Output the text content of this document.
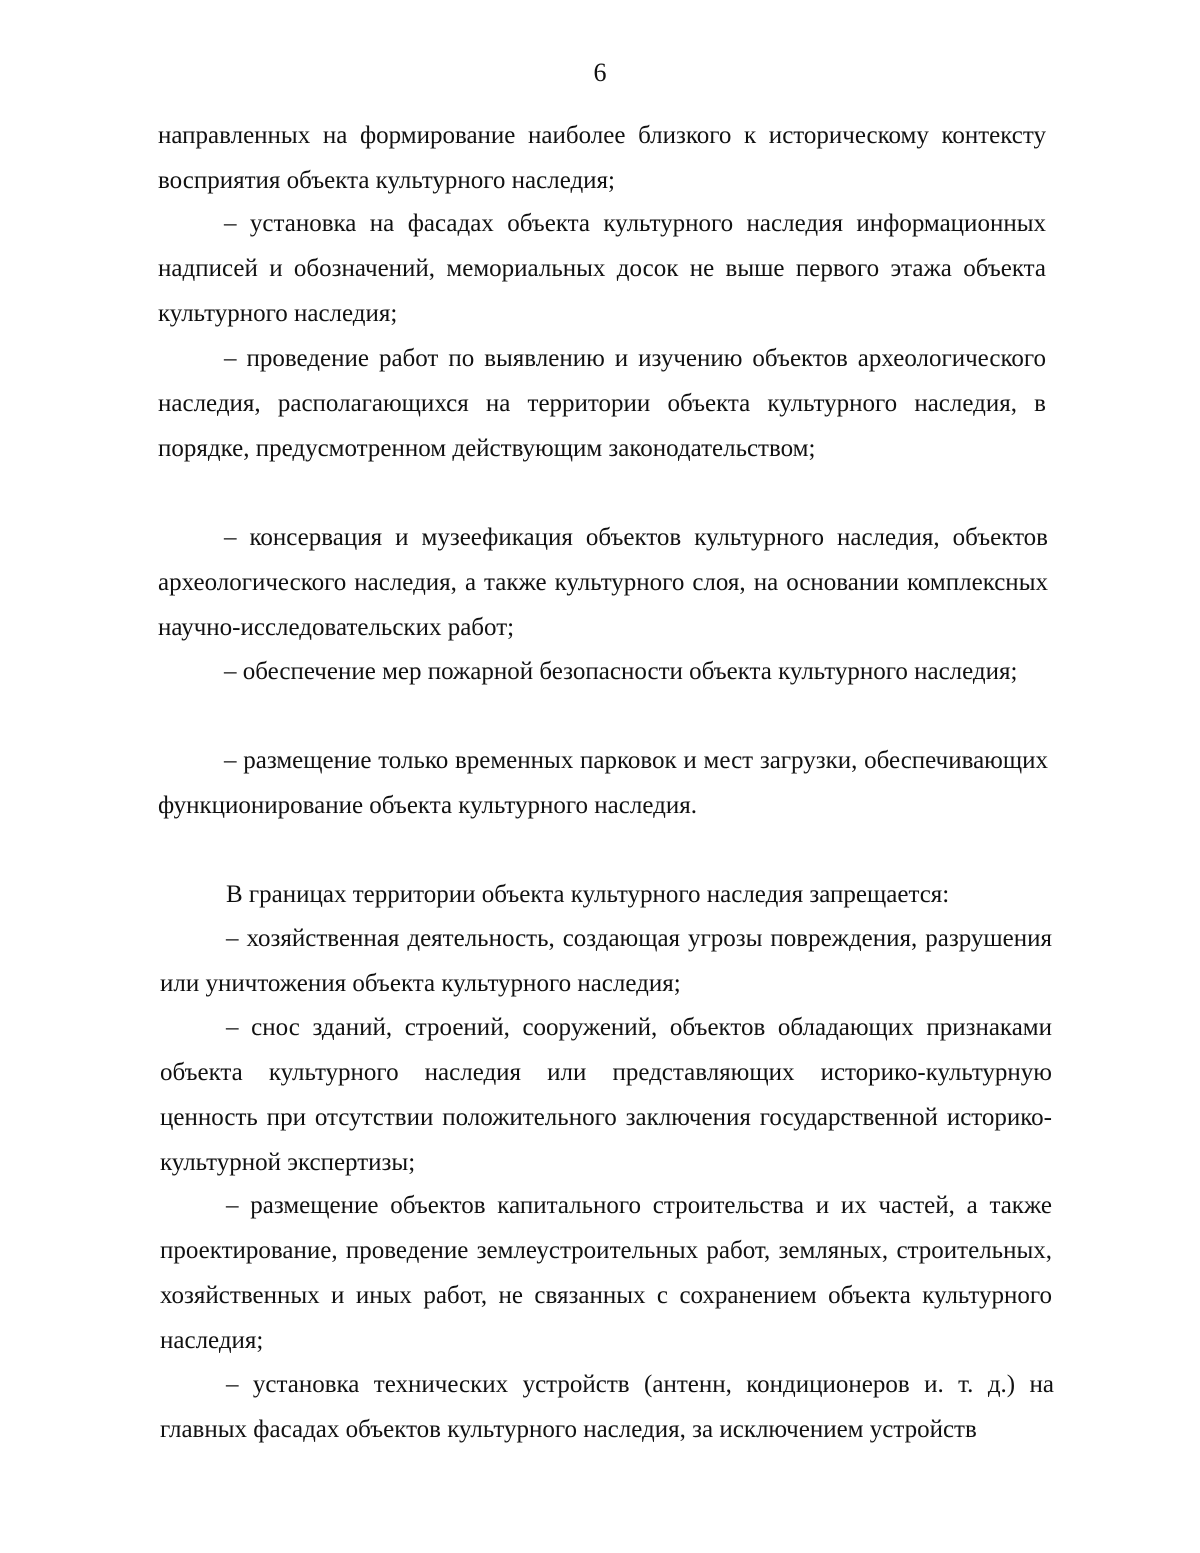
6

направленных на формирование наиболее близкого к историческому контексту восприятия объекта культурного наследия;

– установка на фасадах объекта культурного наследия информационных надписей и обозначений, мемориальных досок не выше первого этажа объекта культурного наследия;

– проведение работ по выявлению и изучению объектов археологического наследия, располагающихся на территории объекта культурного наследия, в порядке, предусмотренном действующим законодательством;

– консервация и музеефикация объектов культурного наследия, объектов археологического наследия, а также культурного слоя, на основании комплексных научно-исследовательских работ;

– обеспечение мер пожарной безопасности объекта культурного наследия;

– размещение только временных парковок и мест загрузки, обеспечивающих функционирование объекта культурного наследия.

В границах территории объекта культурного наследия запрещается:

– хозяйственная деятельность, создающая угрозы повреждения, разрушения или уничтожения объекта культурного наследия;

– снос зданий, строений, сооружений, объектов обладающих признаками объекта культурного наследия или представляющих историко-культурную ценность при отсутствии положительного заключения государственной историко-культурной экспертизы;

– размещение объектов капитального строительства и их частей, а также проектирование, проведение землеустроительных работ, земляных, строительных, хозяйственных и иных работ, не связанных с сохранением объекта культурного наследия;

– установка технических устройств (антенн, кондиционеров и. т. д.) на главных фасадах объектов культурного наследия, за исключением устройств
